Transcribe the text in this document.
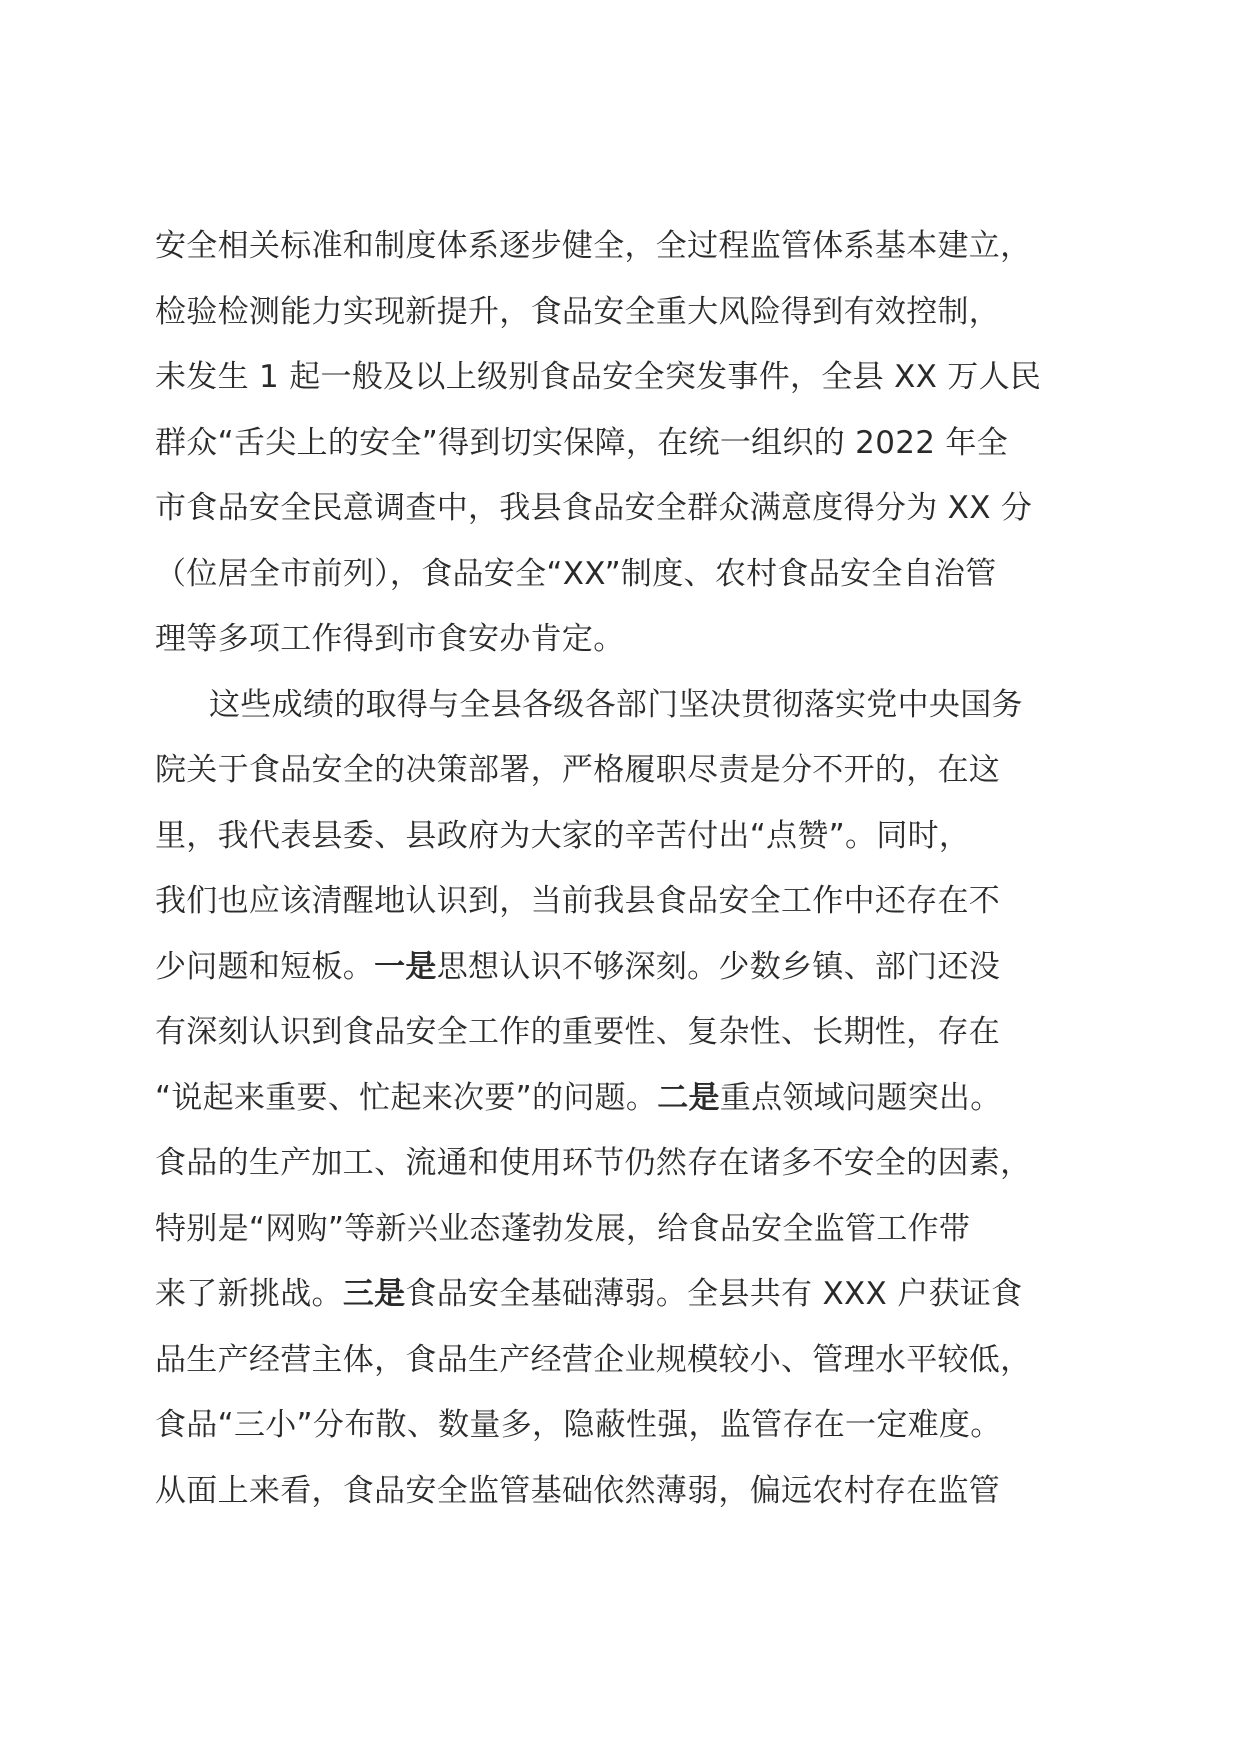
安全相关标准和制度体系逐步健全，全过程监管体系基本建立，
检验检测能力实现新提升，食品安全重大风险得到有效控制，
未发生 1 起一般及以上级别食品安全突发事件，全县 XX 万人民
群众“舌尖上的安全”得到切实保障，在统一组织的 2022 年全
市食品安全民意调查中，我县食品安全群众满意度得分为 XX 分
（位居全市前列），食品安全“XX”制度、农村食品安全自治管
理等多项工作得到市食安办肯定。
这些成绩的取得与全县各级各部门坚决贯彻落实党中央国务
院关于食品安全的决策部署，严格履职尽责是分不开的，在这
里，我代表县委、县政府为大家的辛苦付出“点赞”。同时，
我们也应该清醒地认识到，当前我县食品安全工作中还存在不
少问题和短板。一是思想认识不够深刻。少数乡镇、部门还没
有深刻认识到食品安全工作的重要性、复杂性、长期性，存在
“说起来重要、忙起来次要”的问题。二是重点领域问题突出。
食品的生产加工、流通和使用环节仍然存在诸多不安全的因素，
特别是“网购”等新兴业态蓬勃发展，给食品安全监管工作带
来了新挑战。三是食品安全基础薄弱。全县共有 XXX 户获证食
品生产经营主体，食品生产经营企业规模较小、管理水平较低，
食品“三小”分布散、数量多，隐蔽性强，监管存在一定难度。
从面上来看，食品安全监管基础依然薄弱，偏远农村存在监管
